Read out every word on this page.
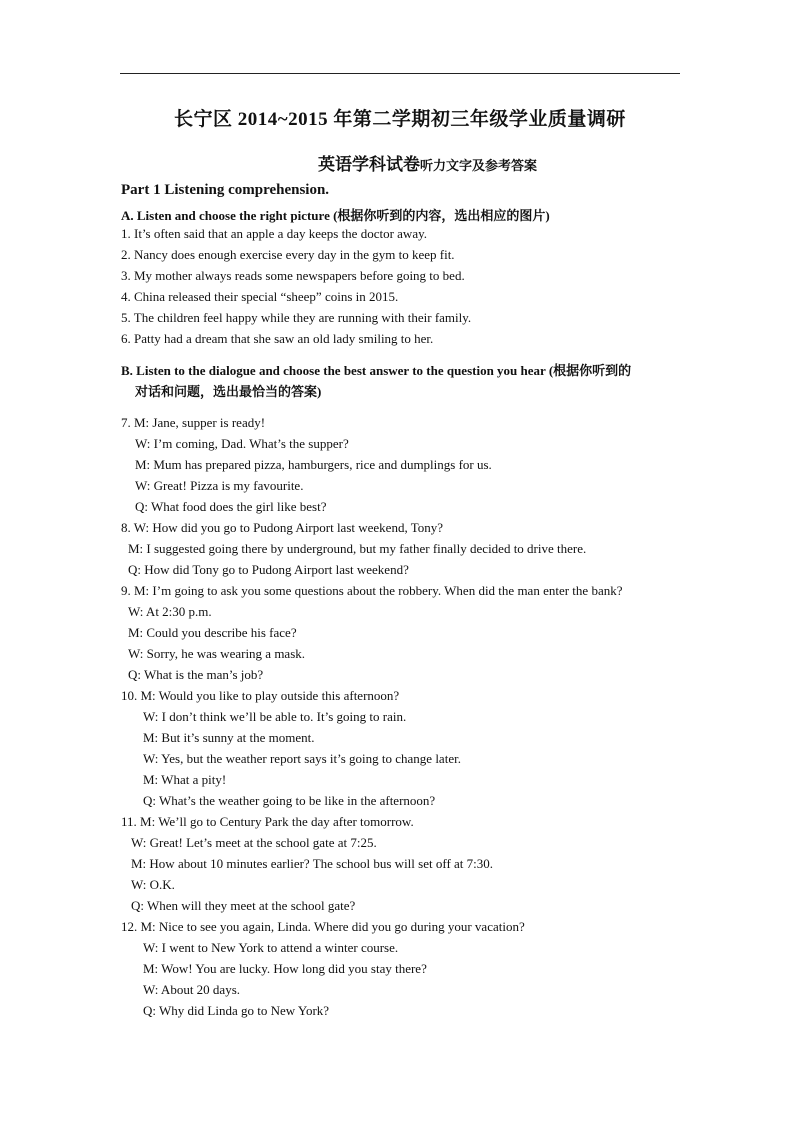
长宁区 2014~2015 年第二学期初三年级学业质量调研
英语学科试卷听力文字及参考答案
Part 1 Listening comprehension.
A. Listen and choose the right picture (根据你听到的内容，选出相应的图片)
1. It’s often said that an apple a day keeps the doctor away.
2. Nancy does enough exercise every day in the gym to keep fit.
3. My mother always reads some newspapers before going to bed.
4. China released their special “sheep” coins in 2015.
5. The children feel happy while they are running with their family.
6. Patty had a dream that she saw an old lady smiling to her.
B. Listen to the dialogue and choose the best answer to the question you hear (根据你听到的
对话和问题，选出最恰当的答案)
7. M: Jane, supper is ready!
W: I’m coming, Dad. What’s the supper?
M: Mum has prepared pizza, hamburgers, rice and dumplings for us.
W: Great! Pizza is my favourite.
Q: What food does the girl like best?
8. W: How did you go to Pudong Airport last weekend, Tony?
M: I suggested going there by underground, but my father finally decided to drive there.
Q: How did Tony go to Pudong Airport last weekend?
9. M: I’m going to ask you some questions about the robbery. When did the man enter the bank?
W: At 2:30 p.m.
M: Could you describe his face?
W: Sorry, he was wearing a mask.
Q: What is the man’s job?
10. M: Would you like to play outside this afternoon?
W: I don’t think we’ll be able to. It’s going to rain.
M: But it’s sunny at the moment.
W: Yes, but the weather report says it’s going to change later.
M: What a pity!
Q: What’s the weather going to be like in the afternoon?
11. M: We’ll go to Century Park the day after tomorrow.
W: Great! Let’s meet at the school gate at 7:25.
M: How about 10 minutes earlier? The school bus will set off at 7:30.
W: O.K.
Q: When will they meet at the school gate?
12. M: Nice to see you again, Linda. Where did you go during your vacation?
W: I went to New York to attend a winter course.
M: Wow! You are lucky. How long did you stay there?
W: About 20 days.
Q: Why did Linda go to New York?
